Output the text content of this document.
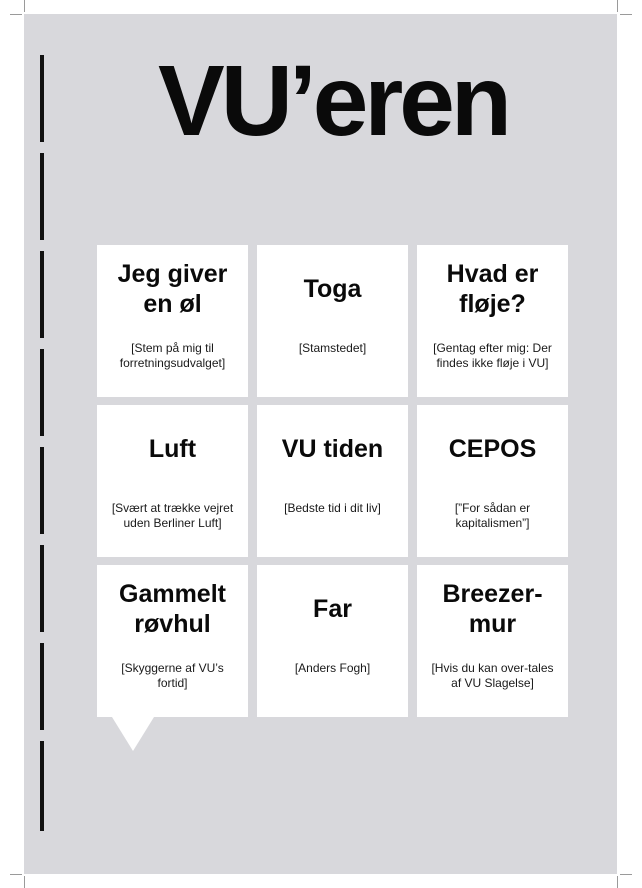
VU’eren
Jeg giver en øl
[Stem på mig til forretningsudvalget]
Toga
[Stamstedet]
Hvad er fløje?
[Gentag efter mig: Der findes ikke fløje i VU]
Luft
[Svært at trække vejret uden Berliner Luft]
VU tiden
[Bedste tid i dit liv]
CEPOS
[”For sådan er kapitalismen”]
Gammelt røvhul
[Skyggerne af VU’s fortid]
Far
[Anders Fogh]
Breezer-mur
[Hvis du kan over-tales af VU Slagelse]
